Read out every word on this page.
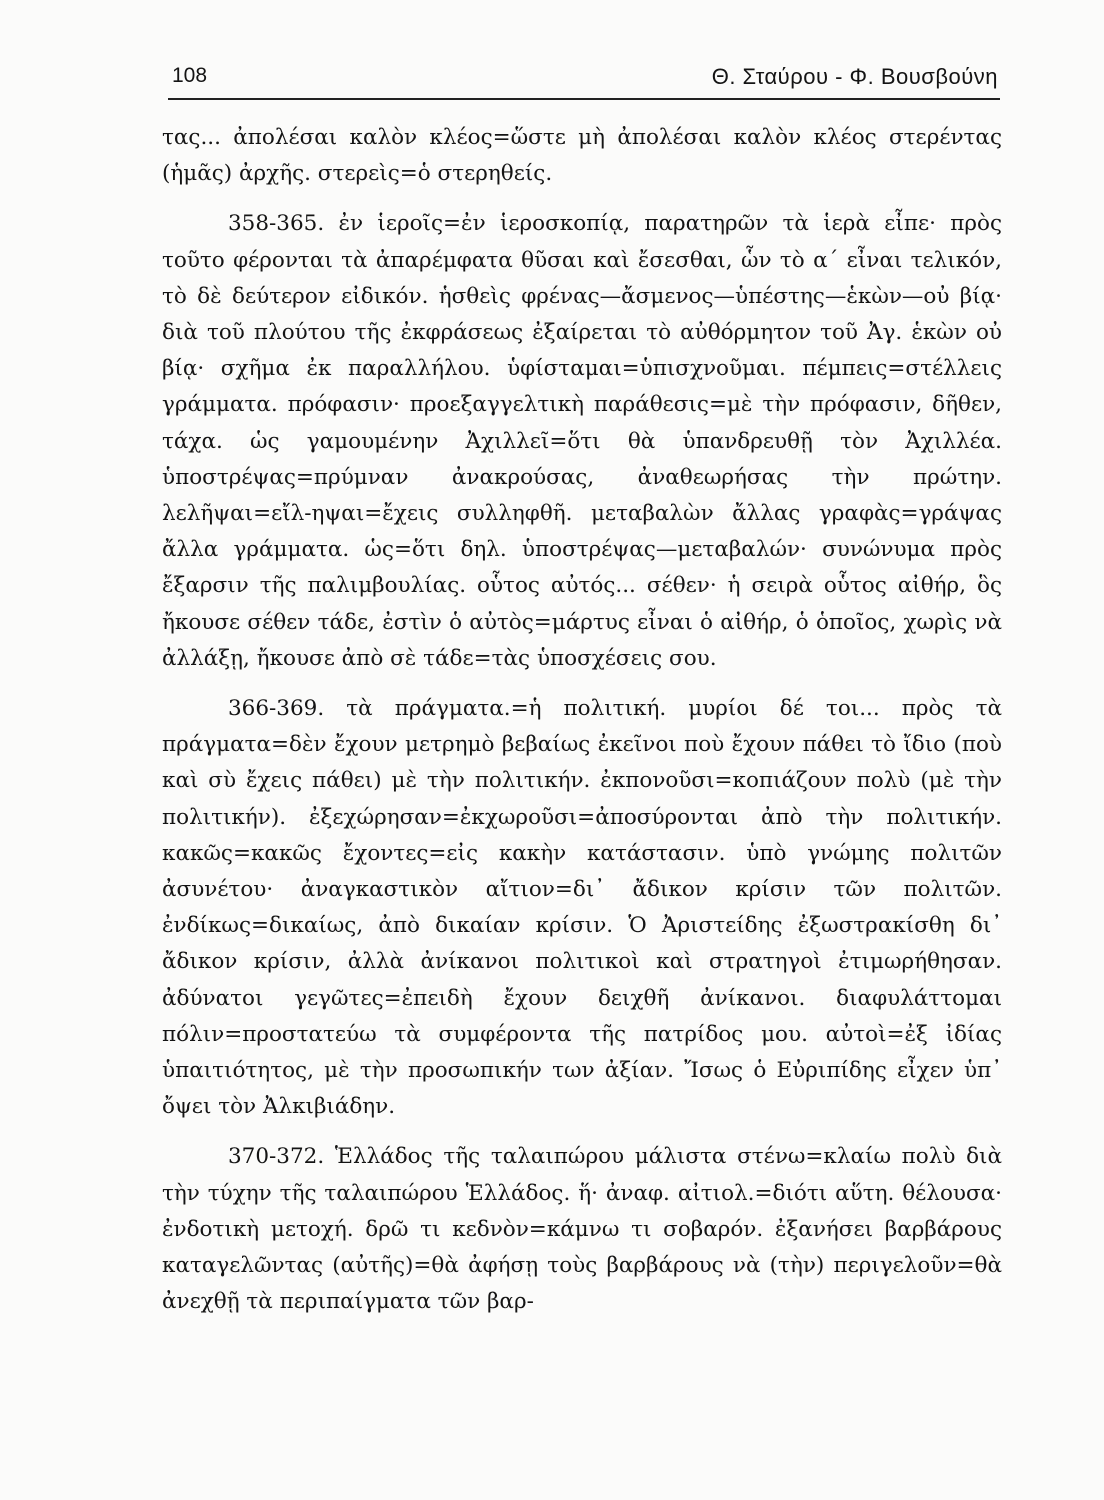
108	Θ. Σταύρου - Φ. Βουσβούνη

τας... ἀπολέσαι καλὸν κλέος=ὥστε μὴ ἀπολέσαι καλὸν κλέος στερέντας (ἡμᾶς) ἀρχῆς. στερεὶς=ὁ στερηθείς.

358-365. ἐν ἱεροῖς=ἐν ἱεροσκοπίᾳ, παρατηρῶν τὰ ἱερὰ εἶπε· πρὸς τοῦτο φέρονται τὰ ἀπαρέμφατα θῦσαι καὶ ἔσεσθαι, ὧν τὸ α΄ εἶναι τελικόν, τὸ δὲ δεύτερον εἰδικόν. ἡσθεὶς φρένας—ἄσμενος—ὑπέστης—ἑκὼν—οὐ βίᾳ· διὰ τοῦ πλούτου τῆς ἐκφράσεως ἐξαίρεται τὸ αὐθόρμητον τοῦ Ἀγ. ἑκὼν οὐ βίᾳ· σχῆμα ἐκ παραλλήλου. ὑφίσταμαι=ὑπισχνοῦμαι. πέμπεις=στέλλεις γράμματα. πρόφασιν· προεξαγγελτικὴ παράθεσις=μὲ τὴν πρόφασιν, δῆθεν, τάχα. ὡς γαμουμένην Ἀχιλλεῖ=ὅτι θὰ ὑπανδρευθῇ τὸν Ἀχιλλέα. ὑποστρέψας=πρύμναν ἀνακρούσας, ἀναθεωρήσας τὴν πρώτην. λελῆψαι=εἴλ-ηψαι=ἔχεις συλληφθῆ. μεταβαλὼν ἄλλας γραφὰς=γράψας ἄλλα γράμματα. ὡς=ὅτι δηλ. ὑποστρέψας—μεταβαλών· συνώνυμα πρὸς ἔξαρσιν τῆς παλιμβουλίας. οὗτος αὐτός... σέθεν· ἡ σειρὰ οὗτος αἰθήρ, ὃς ἤκουσε σέθεν τάδε, ἐστὶν ὁ αὐτὸς=μάρτυς εἶναι ὁ αἰθήρ, ὁ ὁποῖος, χωρὶς νὰ ἀλλάξῃ, ἤκουσε ἀπὸ σὲ τάδε=τὰς ὑποσχέσεις σου.

366-369. τὰ πράγματα.=ἡ πολιτική. μυρίοι δέ τοι... πρὸς τὰ πράγματα=δὲν ἔχουν μετρημὸ βεβαίως ἐκεῖνοι ποὺ ἔχουν πάθει τὸ ἴδιο (ποὺ καὶ σὺ ἔχεις πάθει) μὲ τὴν πολιτικήν. ἐκπονοῦσι=κοπιάζουν πολὺ (μὲ τὴν πολιτικήν). ἐξεχώρησαν=ἐκχωροῦσι=ἀποσύρονται ἀπὸ τὴν πολιτικήν. κακῶς=κακῶς ἔχοντες=εἰς κακὴν κατάστασιν. ὑπὸ γνώμης πολιτῶν ἀσυνέτου· ἀναγκαστικὸν αἴτιον=δι᾿ ἄδικον κρίσιν τῶν πολιτῶν. ἐνδίκως=δικαίως, ἀπὸ δικαίαν κρίσιν. Ὁ Ἀριστείδης ἐξωστρακίσθη δι᾿ ἄδικον κρίσιν, ἀλλὰ ἀνίκανοι πολιτικοὶ καὶ στρατηγοὶ ἐτιμωρήθησαν. ἀδύνατοι γεγῶτες=ἐπειδὴ ἔχουν δειχθῆ ἀνίκανοι. διαφυλάττομαι πόλιν=προστατεύω τὰ συμφέροντα τῆς πατρίδος μου. αὐτοὶ=ἐξ ἰδίας ὑπαιτιότητος, μὲ τὴν προσωπικήν των ἀξίαν. Ἴσως ὁ Εὐριπίδης εἶχεν ὑπ᾿ ὄψει τὸν Ἀλκιβιάδην.

370-372. Ἑλλάδος τῆς ταλαιπώρου μάλιστα στένω=κλαίω πολὺ διὰ τὴν τύχην τῆς ταλαιπώρου Ἑλλάδος. ἥ· ἀναφ. αἰτιολ.=διότι αὕτη. θέλουσα· ἐνδοτικὴ μετοχή. δρῶ τι κεδνὸν=κάμνω τι σοβαρόν. ἐξανήσει βαρβάρους καταγελῶντας (αὐτῆς)=θὰ ἀφήσῃ τοὺς βαρβάρους νὰ (τὴν) περιγελοῦν=θὰ ἀνεχθῇ τὰ περιπαίγματα τῶν βαρ-
